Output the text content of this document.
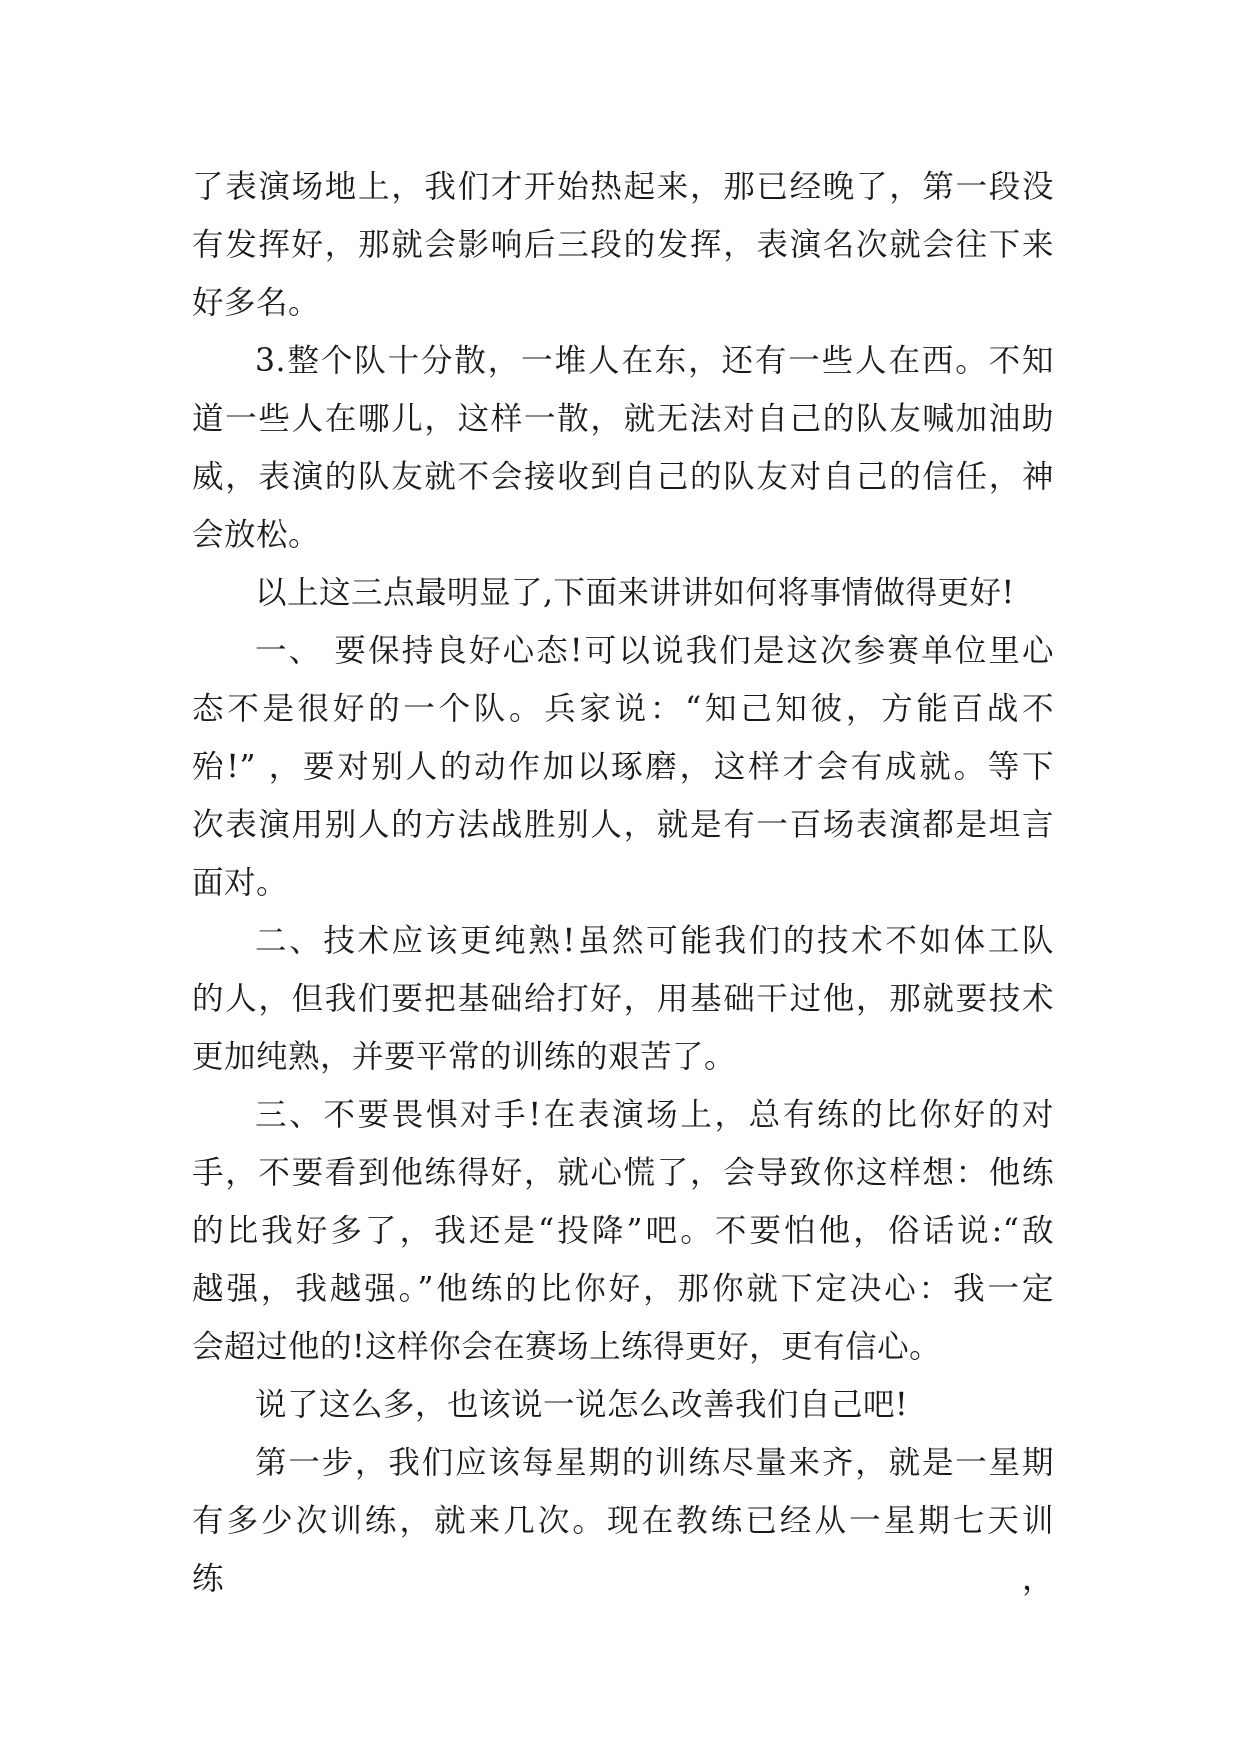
了表演场地上，我们才开始热起来，那已经晚了，第一段没
有发挥好，那就会影响后三段的发挥，表演名次就会往下来
好多名。
3.整个队十分散，一堆人在东，还有一些人在西。不知
道一些人在哪儿，这样一散，就无法对自己的队友喊加油助
威，表演的队友就不会接收到自己的队友对自己的信任，神
会放松。
以上这三点最明显了,下面来讲讲如何将事情做得更好!
一、 要保持良好心态!可以说我们是这次参赛单位里心
态不是很好的一个队。兵家说：“知己知彼，方能百战不
殆!” ，要对别人的动作加以琢磨，这样才会有成就。等下
次表演用别人的方法战胜别人，就是有一百场表演都是坦言
面对。
二、技术应该更纯熟!虽然可能我们的技术不如体工队
的人，但我们要把基础给打好，用基础干过他，那就要技术
更加纯熟，并要平常的训练的艰苦了。
三、不要畏惧对手!在表演场上，总有练的比你好的对
手，不要看到他练得好，就心慌了，会导致你这样想：他练
的比我好多了，我还是“投降”吧。不要怕他，俗话说:“敌
越强，我越强。”他练的比你好，那你就下定决心：我一定
会超过他的!这样你会在赛场上练得更好，更有信心。
说了这么多，也该说一说怎么改善我们自己吧!
第一步，我们应该每星期的训练尽量来齐，就是一星期
有多少次训练，就来几次。现在教练已经从一星期七天训练，
